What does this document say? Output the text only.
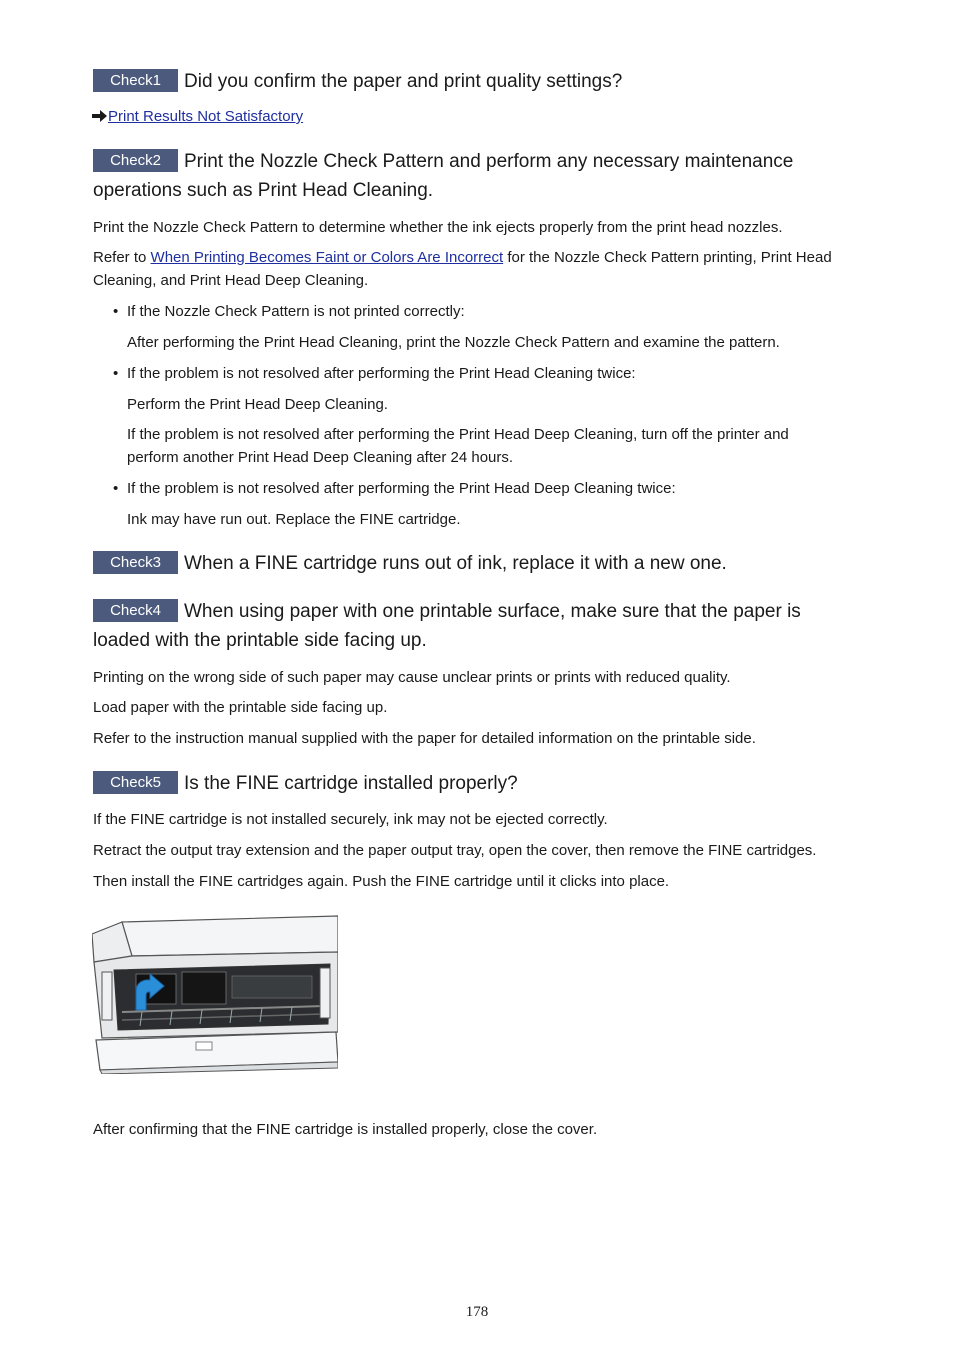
Check1 Did you confirm the paper and print quality settings?
Print Results Not Satisfactory
Check2 Print the Nozzle Check Pattern and perform any necessary maintenance operations such as Print Head Cleaning.

Print the Nozzle Check Pattern to determine whether the ink ejects properly from the print head nozzles.

Refer to When Printing Becomes Faint or Colors Are Incorrect for the Nozzle Check Pattern printing, Print Head Cleaning, and Print Head Deep Cleaning.

• If the Nozzle Check Pattern is not printed correctly:

After performing the Print Head Cleaning, print the Nozzle Check Pattern and examine the pattern.

• If the problem is not resolved after performing the Print Head Cleaning twice:

Perform the Print Head Deep Cleaning.

If the problem is not resolved after performing the Print Head Deep Cleaning, turn off the printer and perform another Print Head Deep Cleaning after 24 hours.

• If the problem is not resolved after performing the Print Head Deep Cleaning twice:

Ink may have run out. Replace the FINE cartridge.

Check3 When a FINE cartridge runs out of ink, replace it with a new one.
Check4 When using paper with one printable surface, make sure that the paper is loaded with the printable side facing up.

Printing on the wrong side of such paper may cause unclear prints or prints with reduced quality.

Load paper with the printable side facing up.

Refer to the instruction manual supplied with the paper for detailed information on the printable side.

Check5 Is the FINE cartridge installed properly?

If the FINE cartridge is not installed securely, ink may not be ejected correctly.

Retract the output tray extension and the paper output tray, open the cover, then remove the FINE cartridges.

Then install the FINE cartridges again. Push the FINE cartridge until it clicks into place.

After confirming that the FINE cartridge is installed properly, close the cover.

178
